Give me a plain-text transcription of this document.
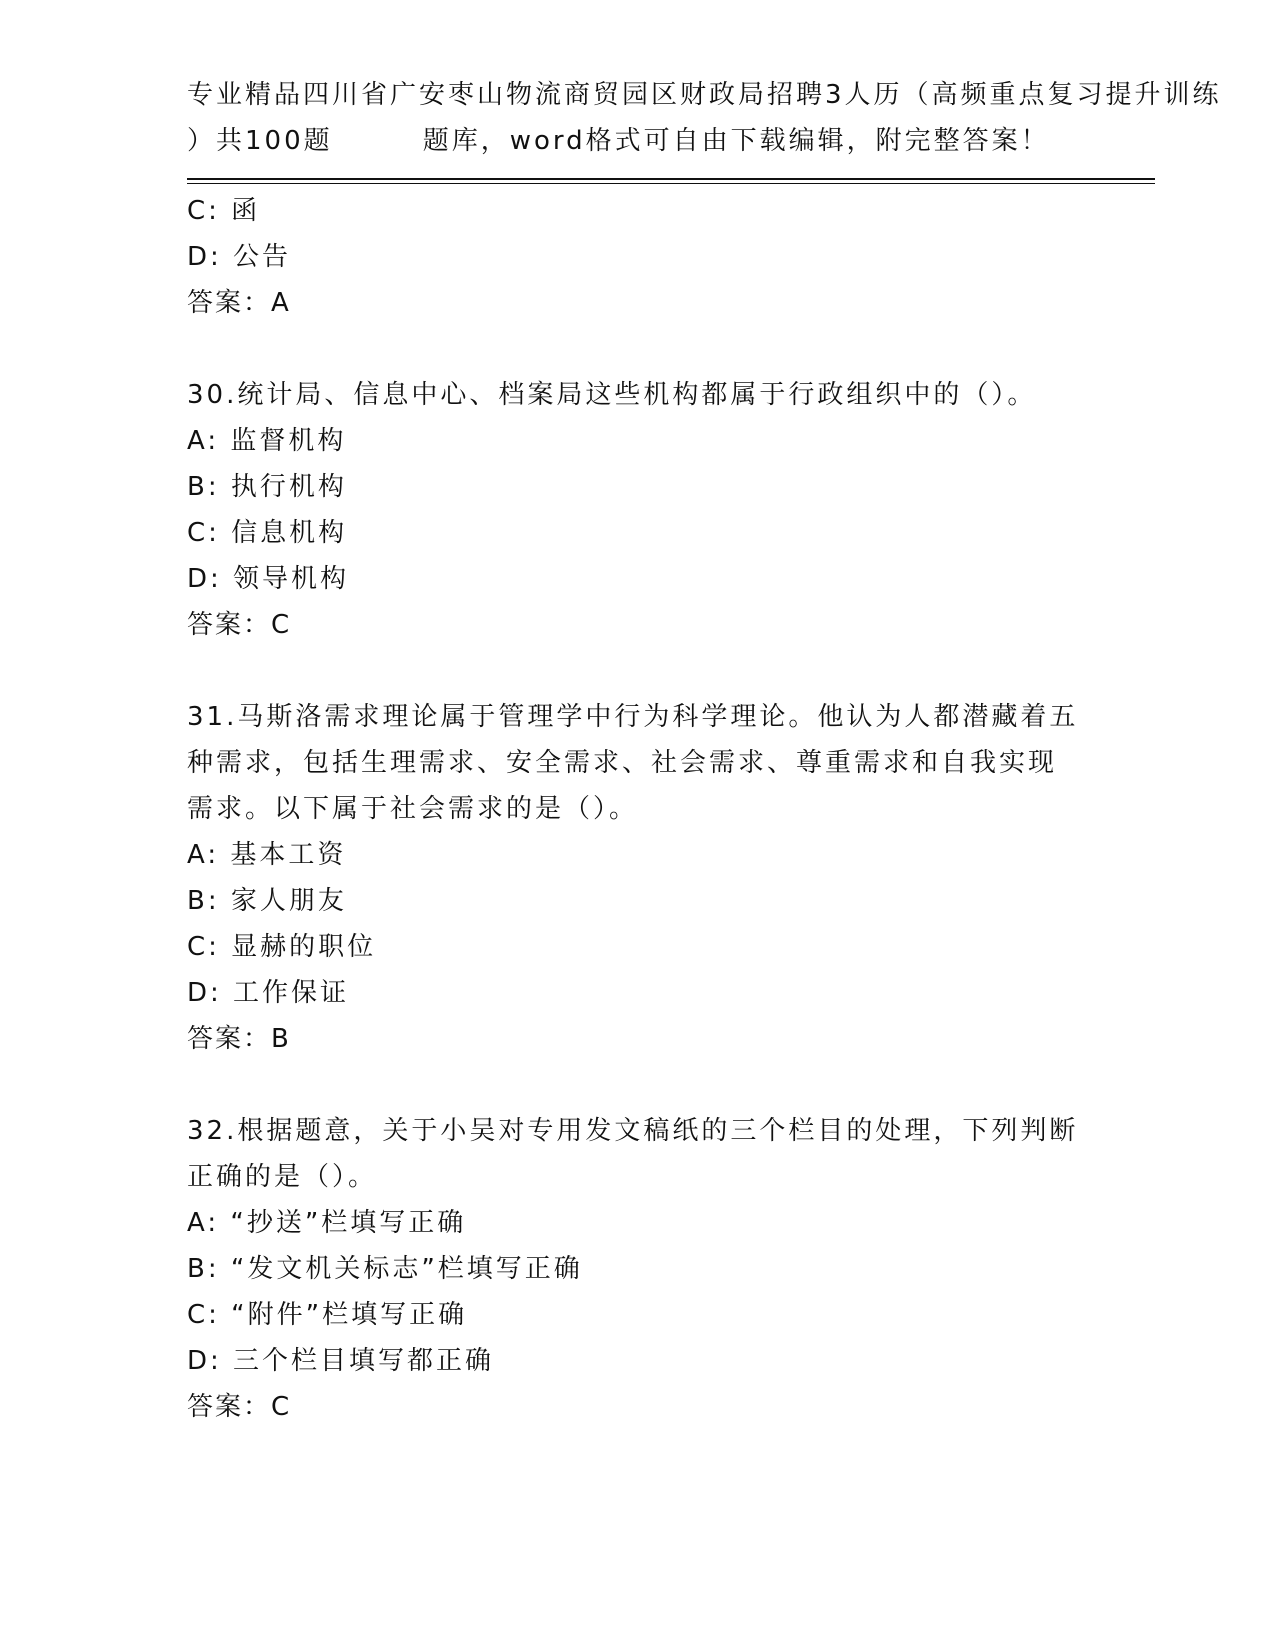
专业精品四川省广安枣山物流商贸园区财政局招聘3人历（高频重点复习提升训练
）共100题        题库，word格式可自由下载编辑，附完整答案！
C: 函
D: 公告
答案：A
30.统计局、信息中心、档案局这些机构都属于行政组织中的（）。
A: 监督机构
B: 执行机构
C: 信息机构
D: 领导机构
答案：C
31.马斯洛需求理论属于管理学中行为科学理论。他认为人都潜藏着五
种需求，包括生理需求、安全需求、社会需求、尊重需求和自我实现
需求。以下属于社会需求的是（）。
A: 基本工资
B: 家人朋友
C: 显赫的职位
D: 工作保证
答案：B
32.根据题意，关于小吴对专用发文稿纸的三个栏目的处理，下列判断
正确的是（）。
A: “抄送”栏填写正确
B: “发文机关标志”栏填写正确
C: “附件”栏填写正确
D: 三个栏目填写都正确
答案：C
